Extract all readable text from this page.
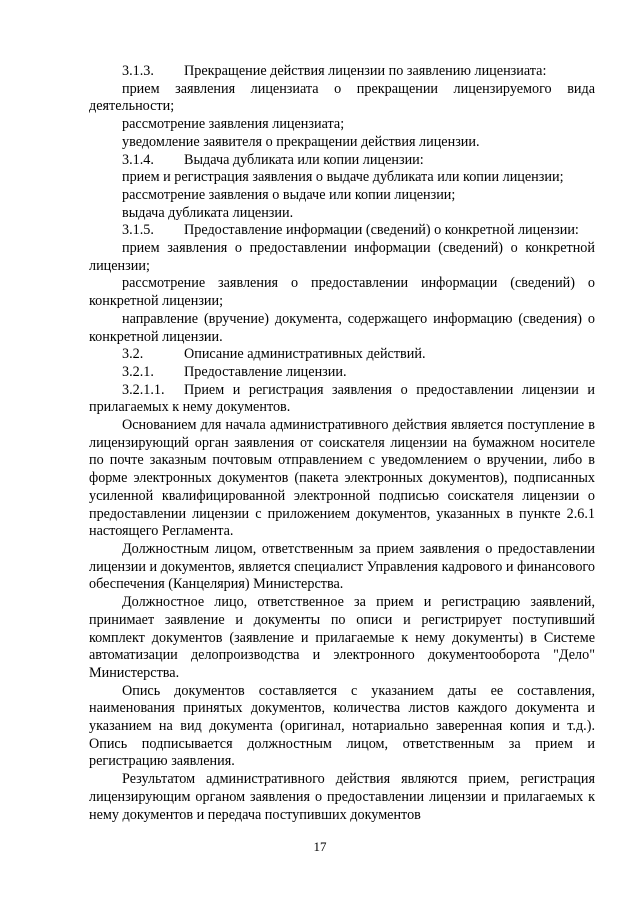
3.1.3. Прекращение действия лицензии по заявлению лицензиата:

прием заявления лицензиата о прекращении лицензируемого вида деятельности;

рассмотрение заявления лицензиата;

уведомление заявителя о прекращении действия лицензии.

3.1.4. Выдача дубликата или копии лицензии:

прием и регистрация заявления о выдаче дубликата или копии лицензии;

рассмотрение заявления о выдаче или копии лицензии;

выдача дубликата лицензии.

3.1.5. Предоставление информации (сведений) о конкретной лицензии:

прием заявления о предоставлении информации (сведений) о конкретной лицензии;

рассмотрение заявления о предоставлении информации (сведений) о конкретной лицензии;

направление (вручение) документа, содержащего информацию (сведения) о конкретной лицензии.

3.2.	Описание административных действий.

3.2.1. Предоставление лицензии.

3.2.1.1. Прием и регистрация заявления о предоставлении лицензии и прилагаемых к нему документов.

Основанием для начала административного действия является поступление в лицензирующий орган заявления от соискателя лицензии на бумажном носителе по почте заказным почтовым отправлением с уведомлением о вручении, либо в форме электронных документов (пакета электронных документов), подписанных усиленной квалифицированной электронной подписью соискателя лицензии о предоставлении лицензии с приложением документов, указанных в пункте 2.6.1 настоящего Регламента.

Должностным лицом, ответственным за прием заявления о предоставлении лицензии и документов, является специалист Управления кадрового и финансового обеспечения (Канцелярия) Министерства.

Должностное лицо, ответственное за прием и регистрацию заявлений, принимает заявление и документы по описи и регистрирует поступивший комплект документов (заявление и прилагаемые к нему документы) в Системе автоматизации делопроизводства и электронного документооборота "Дело" Министерства.

Опись документов составляется с указанием даты ее составления, наименования принятых документов, количества листов каждого документа и указанием на вид документа (оригинал, нотариально заверенная копия и т.д.). Опись подписывается должностным лицом, ответственным за прием и регистрацию заявления.

Результатом административного действия являются прием, регистрация лицензирующим органом заявления о предоставлении лицензии и прилагаемых к нему документов и передача поступивших документов

17
